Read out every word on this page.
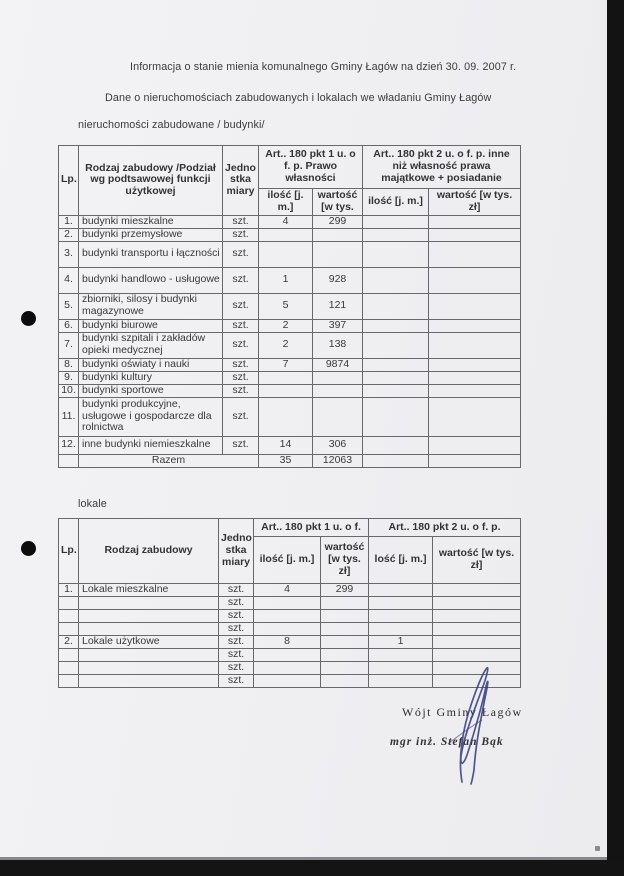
Informacja o stanie mienia komunalnego Gminy Łagów na dzień 30. 09. 2007 r.
Dane o nieruchomościach zabudowanych i lokalach we władaniu Gminy Łagów
nieruchomości zabudowane / budynki/
Lp.	Rodzaj zabudowy /Podział wg podtsawowej funkcji użytkowej	Jedno stka miary	Art.. 180 pkt 1 u. o f. p. Prawo własności		Art.. 180 pkt 2 u. o f. p. inne niż własność prawa majątkowe + posiadanie	
			ilość [j. m.]	wartość [w tys.	ilość [j. m.]	wartość [w tys. zł]
1.	budynki mieszkalne	szt.	4	299		
2.	budynki przemysłowe	szt.				
3.	budynki transportu i łączności	szt.				
4.	budynki handlowo - usługowe	szt.	1	928		
5.	zbiorniki, silosy i budynki magazynowe	szt.	5	121		
6.	budynki biurowe	szt.	2	397		
7.	budynki szpitali i zakładów opieki medycznej	szt.	2	138		
8.	budynki oświaty i nauki	szt.	7	9874		
9.	budynki kultury	szt.				
10.	budynki sportowe	szt.				
11.	budynki produkcyjne, usługowe i gospodarcze dla rolnictwa	szt.				
12.	inne budynki niemieszkalne	szt.	14	306		
	Razem		35	12063		
lokale
Lp.	Rodzaj zabudowy	Jedno stka miary	Art.. 180 pkt 1 u. o f.		Art.. 180 pkt 2 u. o f. p.	
			ilość [j. m.]	wartość [w tys. zł]	lość [j. m.]	wartość [w tys. zł]
1.	Lokale mieszkalne	szt.	4	299		
		szt.				
		szt.				
		szt.				
2.	Lokale użytkowe	szt.	8		1	
		szt.				
		szt.				
		szt.				
Wójt Gminy Łagów
mgr inż. Stefan Bąk
